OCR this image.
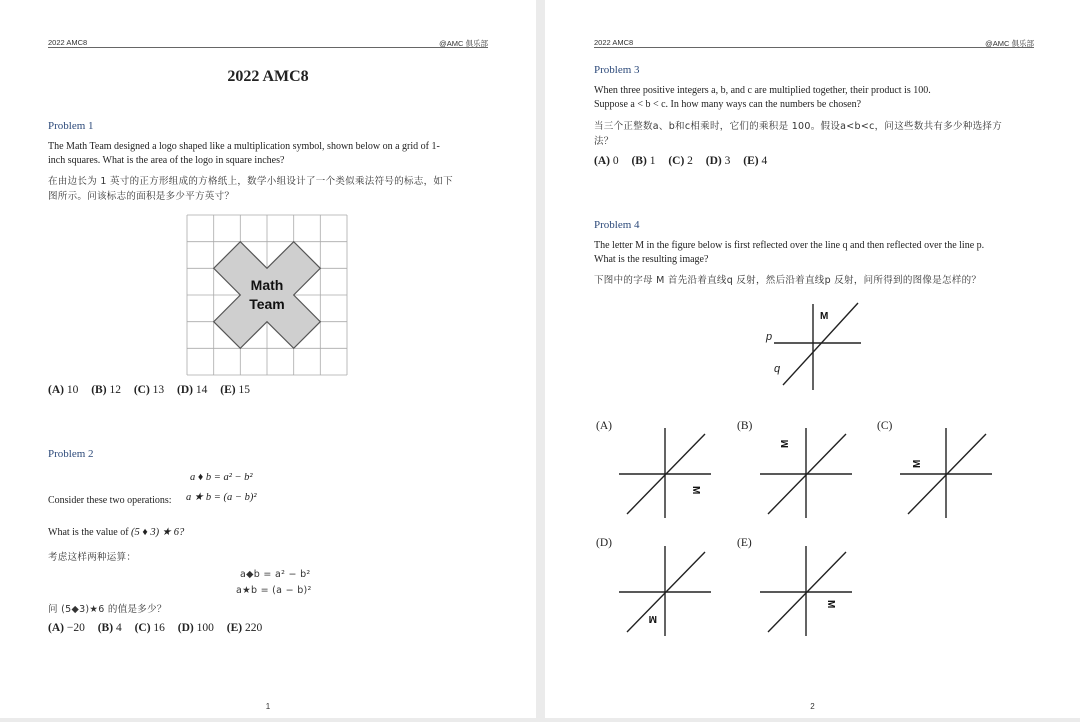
2022 AMC8	@AMC 俱乐部
2022 AMC8
Problem 1
The Math Team designed a logo shaped like a multiplication symbol, shown below on a grid of 1-
inch squares. What is the area of the logo in square inches?
在由边长为 1 英寸的正方形组成的方格纸上，数学小组设计了一个类似乘法符号的标志，如下
图所示。问该标志的面积是多少平方英寸？
Math
Team
(A) 10 (B) 12 (C) 13 (D) 14 (E) 15
Problem 2
a ♦ b = a² − b²
Consider these two operations: a ★ b = (a − b)²
What is the value of (5 ♦ 3) ★ 6?
考虑这样两种运算：
a◆b = a² − b²
a★b = (a − b)²
问 (5◆3)★6 的值是多少？
(A) −20 (B) 4 (C) 16 (D) 100 (E) 220
1
2022 AMC8	@AMC 俱乐部
Problem 3
When three positive integers a, b, and c are multiplied together, their product is 100.
Suppose a < b < c. In how many ways can the numbers be chosen?
当三个正整数a、b和c相乘时，它们的乘积是 100。假设a<b<c，问这些数共有多少种选择方
法？
(A) 0 (B) 1 (C) 2 (D) 3 (E) 4
Problem 4
The letter M in the figure below is first reflected over the line q and then reflected over the line p.
What is the resulting image?
下图中的字母 M 首先沿着直线q 反射，然后沿着直线p 反射，问所得到的图像是怎样的？
p
q
M
(A)
M
(B)
M
(C)
M
(D)
M
(E)
M
2
